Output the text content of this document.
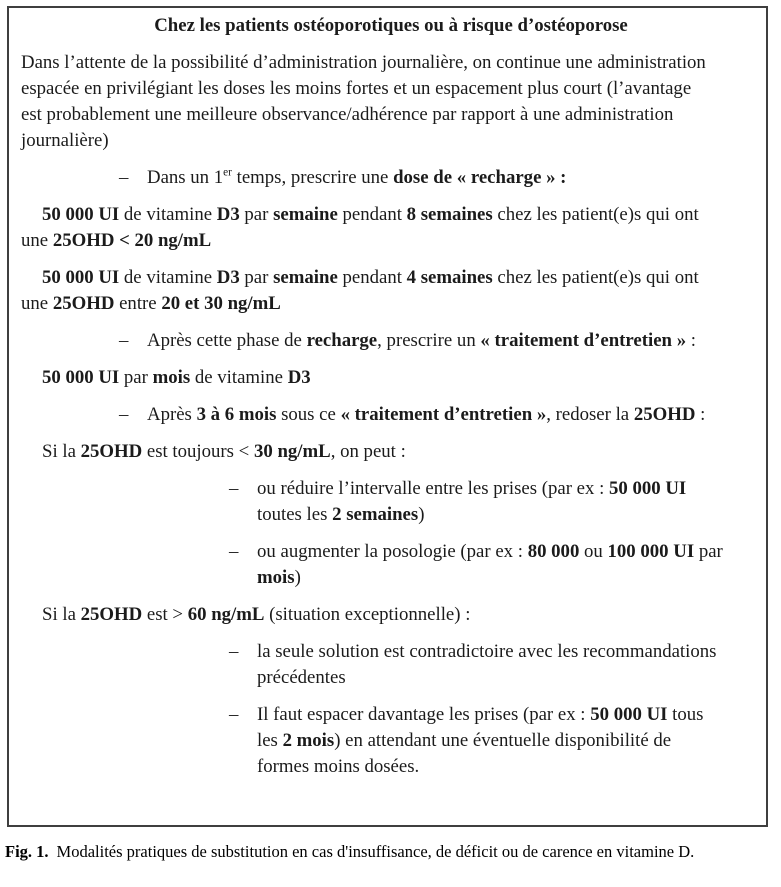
Chez les patients ostéoporotiques ou à risque d’ostéoporose

Dans l’attente de la possibilité d’administration journalière, on continue une administration
espacée en privilégiant les doses les moins fortes et un espacement plus court (l’avantage
est probablement une meilleure observance/adhérence par rapport à une administration
journalière)

– Dans un 1er temps, prescrire une dose de « recharge » :

50 000 UI de vitamine D3 par semaine pendant 8 semaines chez les patient(e)s qui ont
une 25OHD < 20 ng/mL

50 000 UI de vitamine D3 par semaine pendant 4 semaines chez les patient(e)s qui ont
une 25OHD entre 20 et 30 ng/mL

– Après cette phase de recharge, prescrire un « traitement d’entretien » :

50 000 UI par mois de vitamine D3

– Après 3 à 6 mois sous ce « traitement d’entretien », redoser la 25OHD :

Si la 25OHD est toujours < 30 ng/mL, on peut :

– ou réduire l’intervalle entre les prises (par ex : 50 000 UI
toutes les 2 semaines)

– ou augmenter la posologie (par ex : 80 000 ou 100 000 UI par
mois)

Si la 25OHD est > 60 ng/mL (situation exceptionnelle) :

– la seule solution est contradictoire avec les recommandations
précédentes

– Il faut espacer davantage les prises (par ex : 50 000 UI tous
les 2 mois) en attendant une éventuelle disponibilité de
formes moins dosées.

Fig. 1. Modalités pratiques de substitution en cas d'insuffisance, de déficit ou de carence en vitamine D.
